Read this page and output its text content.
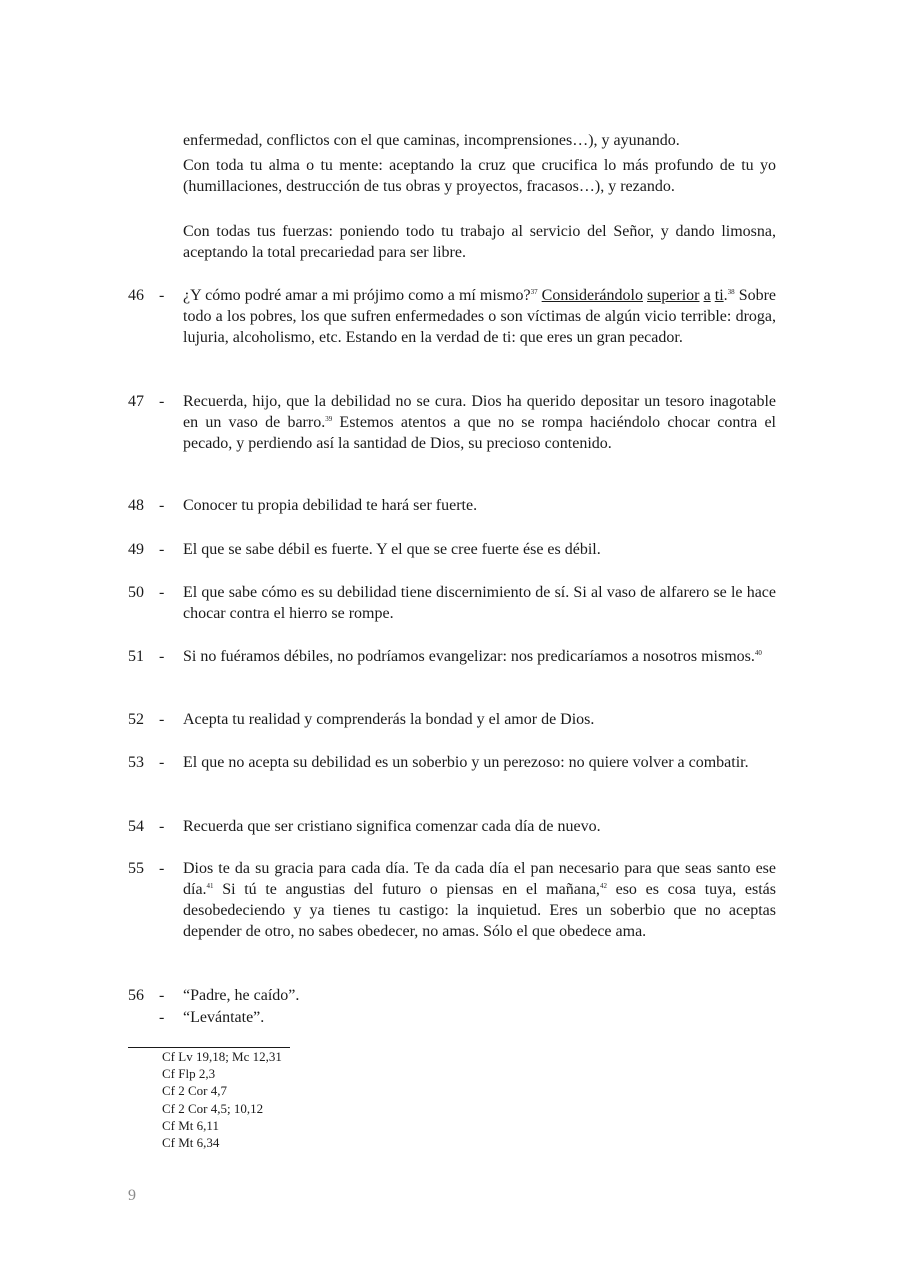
enfermedad, conflictos con el que caminas, incomprensiones…), y ayunando.
Con toda tu alma o tu mente: aceptando la cruz que crucifica lo más profundo de tu yo (humillaciones, destrucción de tus obras y proyectos, fracasos…), y rezando.
Con todas tus fuerzas: poniendo todo tu trabajo al servicio del Señor, y dando limosna, aceptando la total precariedad para ser libre.
46 - ¿Y cómo podré amar a mi prójimo como a mí mismo?$^{37}$ Considerándolo superior a ti.$^{38}$ Sobre todo a los pobres, los que sufren enfermedades o son víctimas de algún vicio terrible: droga, lujuria, alcoholismo, etc. Estando en la verdad de ti: que eres un gran pecador.
47 - Recuerda, hijo, que la debilidad no se cura. Dios ha querido depositar un tesoro inagotable en un vaso de barro.$^{39}$ Estemos atentos a que no se rompa haciéndolo chocar contra el pecado, y perdiendo así la santidad de Dios, su precioso contenido.
48 - Conocer tu propia debilidad te hará ser fuerte.
49 - El que se sabe débil es fuerte. Y el que se cree fuerte ése es débil.
50 - El que sabe cómo es su debilidad tiene discernimiento de sí. Si al vaso de alfarero se le hace chocar contra el hierro se rompe.
51 - Si no fuéramos débiles, no podríamos evangelizar: nos predicaríamos a nosotros mismos.$^{40}$
52 - Acepta tu realidad y comprenderás la bondad y el amor de Dios.
53 - El que no acepta su debilidad es un soberbio y un perezoso: no quiere volver a combatir.
54 - Recuerda que ser cristiano significa comenzar cada día de nuevo.
55 - Dios te da su gracia para cada día. Te da cada día el pan necesario para que seas santo ese día.$^{41}$ Si tú te angustias del futuro o piensas en el mañana,$^{42}$ eso es cosa tuya, estás desobedeciendo y ya tienes tu castigo: la inquietud. Eres un soberbio que no aceptas depender de otro, no sabes obedecer, no amas. Sólo el que obedece ama.
56 - “Padre, he caído”.
- “Levántate”.
Cf Lv 19,18; Mc 12,31
Cf Flp 2,3
Cf 2 Cor 4,7
Cf 2 Cor 4,5; 10,12
Cf Mt 6,11
Cf Mt 6,34
9
